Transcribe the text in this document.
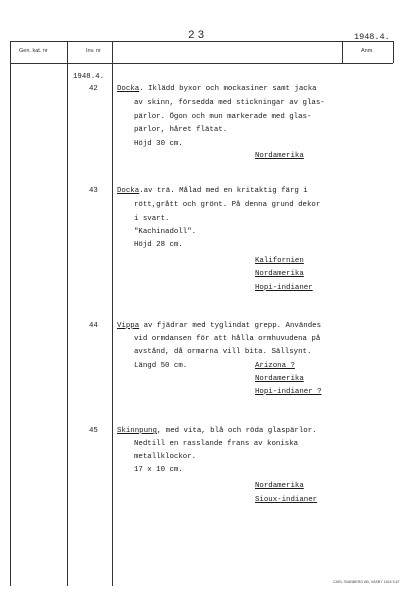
23	1948.4.
Gen. kat. nr	Inv. nr	Anm.
1948.4.
42	Docka. Iklädd byxor och mockasiner samt jacka
av skinn, försedda med stickningar av glas-
pärlor. Ögon och mun markerade med glas-
pärlor, håret flätat.
Höjd 30 cm.
Nordamerika
43	Docka.av trä. Målad med en kritaktig färg i
rött,grått och grönt. På denna grund dekor
i svart.
"Kachinadoll".
Höjd 28 cm.
Kalifornien
Nordamerika
Hopi-indianer
44	Vippa av fjädrar med tyglindat grepp. Användes
vid ormdansen för att hålla ormhuvudena på
avstånd, då ormarna vill bita. Sällsynt.
Längd 50 cm.	Arizona ?
Nordamerika
Hopi-indianer ?
45	Skinnpung, med vita, blå och röda glaspärlor.
Nedtill en rasslande frans av koniska
metallklockor.
17 x 10 cm.
Nordamerika
Sioux-indianer
CARL SVANBERG AB, VÄSBY 1824 5 67
